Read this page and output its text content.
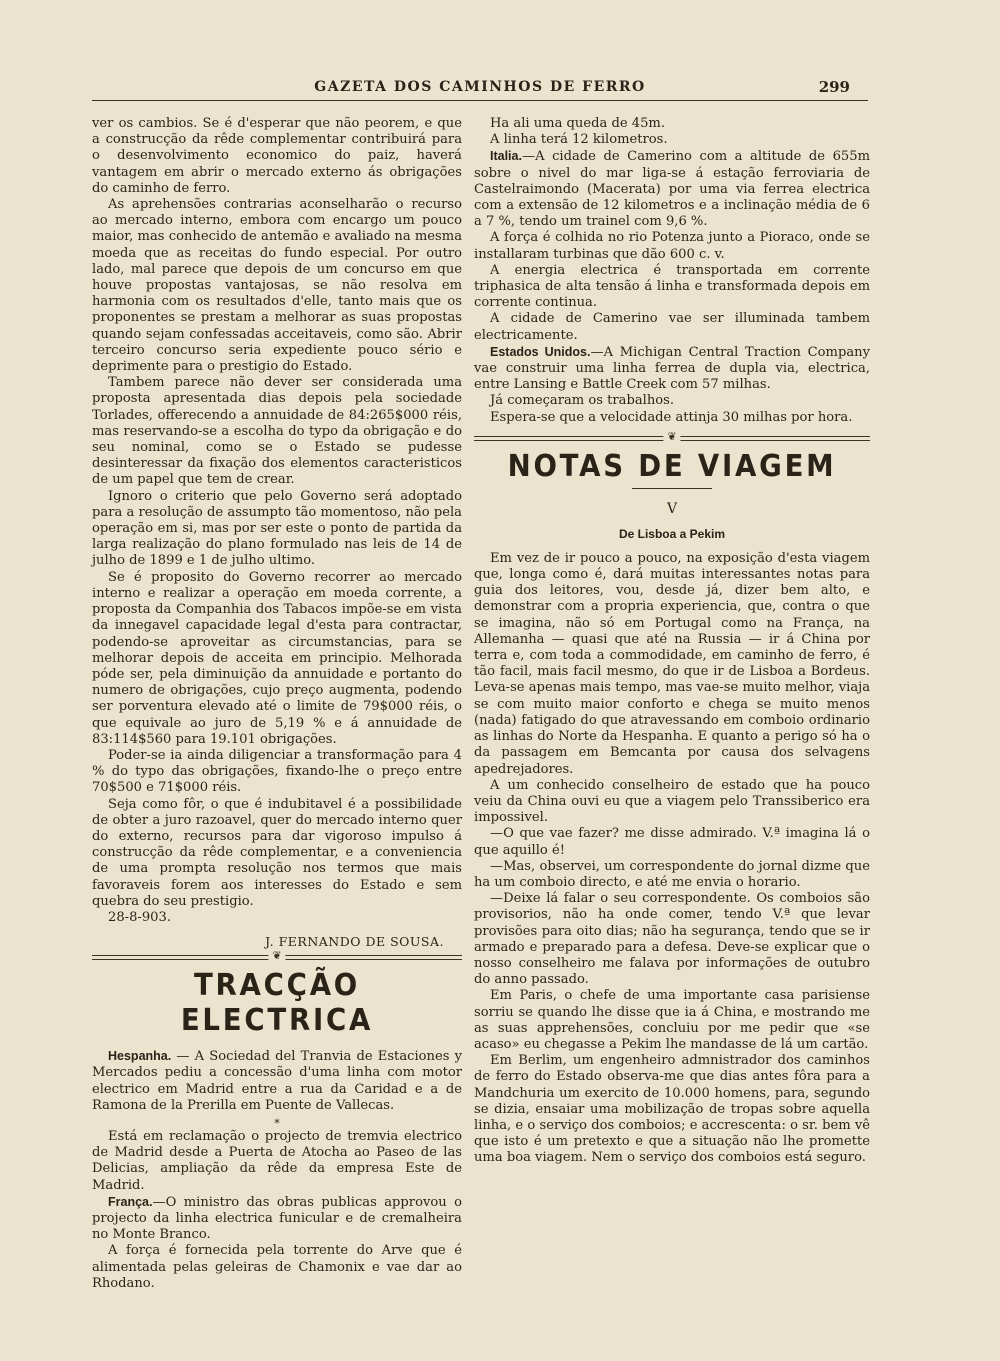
GAZETA DOS CAMINHOS DE FERRO	299

ver os cambios. Se é d'esperar que não peorem, e que a construcção da rêde complementar contribuirá para o desenvolvimento economico do paiz, haverá vantagem em abrir o mercado externo ás obrigações do caminho de ferro.

As aprehensões contrarias aconselharão o recurso ao mercado interno, embora com encargo um pouco maior, mas conhecido de antemão e avaliado na mesma moeda que as receitas do fundo especial. Por outro lado, mal parece que depois de um concurso em que houve propostas vantajosas, se não resolva em harmonia com os resultados d'elle, tanto mais que os proponentes se prestam a melhorar as suas propostas quando sejam confessadas acceitaveis, como são. Abrir terceiro concurso seria expediente pouco sério e deprimente para o prestigio do Estado.

Tambem parece não dever ser considerada uma proposta apresentada dias depois pela sociedade Torlades, offerecendo a annuidade de 84:265$000 réis, mas reservando-se a escolha do typo da obrigação e do seu nominal, como se o Estado se pudesse desinteressar da fixação dos elementos caracteristicos de um papel que tem de crear.

Ignoro o criterio que pelo Governo será adoptado para a resolução de assumpto tão momentoso, não pela operação em si, mas por ser este o ponto de partida da larga realização do plano formulado nas leis de 14 de julho de 1899 e 1 de julho ultimo.

Se é proposito do Governo recorrer ao mercado interno e realizar a operação em moeda corrente, a proposta da Companhia dos Tabacos impõe-se em vista da innegavel capacidade legal d'esta para contractar, podendo-se aproveitar as circumstancias, para se melhorar depois de acceita em principio. Melhorada póde ser, pela diminuição da annuidade e portanto do numero de obrigações, cujo preço augmenta, podendo ser porventura elevado até o limite de 79$000 réis, o que equivale ao juro de 5,19 % e á annuidade de 83:114$560 para 19.101 obrigações.

Poder-se ia ainda diligenciar a transformação para 4 % do typo das obrigações, fixando-lhe o preço entre 70$500 e 71$000 réis.

Seja como fôr, o que é indubitavel é a possibilidade de obter a juro razoavel, quer do mercado interno quer do externo, recursos para dar vigoroso impulso á construcção da rêde complementar, e a conveniencia de uma prompta resolução nos termos que mais favoraveis forem aos interesses do Estado e sem quebra do seu prestigio.

28-8-903.

J. FERNANDO DE SOUSA.
❦
TRACÇÃO ELECTRICA

Hespanha. — A Sociedad del Tranvia de Estaciones y Mercados pediu a concessão d'uma linha com motor electrico em Madrid entre a rua da Caridad e a de Ramona de la Prerilla em Puente de Vallecas.

*

Está em reclamação o projecto de tremvia electrico de Madrid desde a Puerta de Atocha ao Paseo de las Delicias, ampliação da rêde da empresa Este de Madrid.

França.—O ministro das obras publicas approvou o projecto da linha electrica funicular e de cremalheira no Monte Branco.

A força é fornecida pela torrente do Arve que é alimentada pelas geleiras de Chamonix e vae dar ao Rhodano.

Ha ali uma queda de 45m.

A linha terá 12 kilometros.

Italia.—A cidade de Camerino com a altitude de 655m sobre o nivel do mar liga-se á estação ferroviaria de Castelraimondo (Macerata) por uma via ferrea electrica com a extensão de 12 kilometros e a inclinação média de 6 a 7 %, tendo um trainel com 9,6 %.

A força é colhida no rio Potenza junto a Pioraco, onde se installaram turbinas que dão 600 c. v.

A energia electrica é transportada em corrente triphasica de alta tensão á linha e transformada depois em corrente continua.

A cidade de Camerino vae ser illuminada tambem electricamente.

Estados Unidos.—A Michigan Central Traction Company vae construir uma linha ferrea de dupla via, electrica, entre Lansing e Battle Creek com 57 milhas.

Já começaram os trabalhos.

Espera-se que a velocidade attinja 30 milhas por hora.

❦
NOTAS DE VIAGEM
V
De Lisboa a Pekim

Em vez de ir pouco a pouco, na exposição d'esta viagem que, longa como é, dará muitas interessantes notas para guia dos leitores, vou, desde já, dizer bem alto, e demonstrar com a propria experiencia, que, contra o que se imagina, não só em Portugal como na França, na Allemanha — quasi que até na Russia — ir á China por terra e, com toda a commodidade, em caminho de ferro, é tão facil, mais facil mesmo, do que ir de Lisboa a Bordeus. Leva-se apenas mais tempo, mas vae-se muito melhor, viaja se com muito maior conforto e chega se muito menos (nada) fatigado do que atravessando em comboio ordinario as linhas do Norte da Hespanha. E quanto a perigo só ha o da passagem em Bemcanta por causa dos selvagens apedrejadores.

A um conhecido conselheiro de estado que ha pouco veiu da China ouvi eu que a viagem pelo Transsiberico era impossivel.

—O que vae fazer? me disse admirado. V.ª imagina lá o que aquillo é!

—Mas, observei, um correspondente do jornal dizme que ha um comboio directo, e até me envia o horario.

—Deixe lá falar o seu correspondente. Os comboios são provisorios, não ha onde comer, tendo V.ª que levar provisões para oito dias; não ha segurança, tendo que se ir armado e preparado para a defesa. Deve-se explicar que o nosso conselheiro me falava por informações de outubro do anno passado.

Em Paris, o chefe de uma importante casa parisiense sorriu se quando lhe disse que ia á China, e mostrando me as suas apprehensões, concluiu por me pedir que «se acaso» eu chegasse a Pekim lhe mandasse de lá um cartão.

Em Berlim, um engenheiro admnistrador dos caminhos de ferro do Estado observa-me que dias antes fôra para a Mandchuria um exercito de 10.000 homens, para, segundo se dizia, ensaiar uma mobilização de tropas sobre aquella linha, e o serviço dos comboios; e accrescenta: o sr. bem vê que isto é um pretexto e que a situação não lhe promette uma boa viagem. Nem o serviço dos comboios está seguro.
